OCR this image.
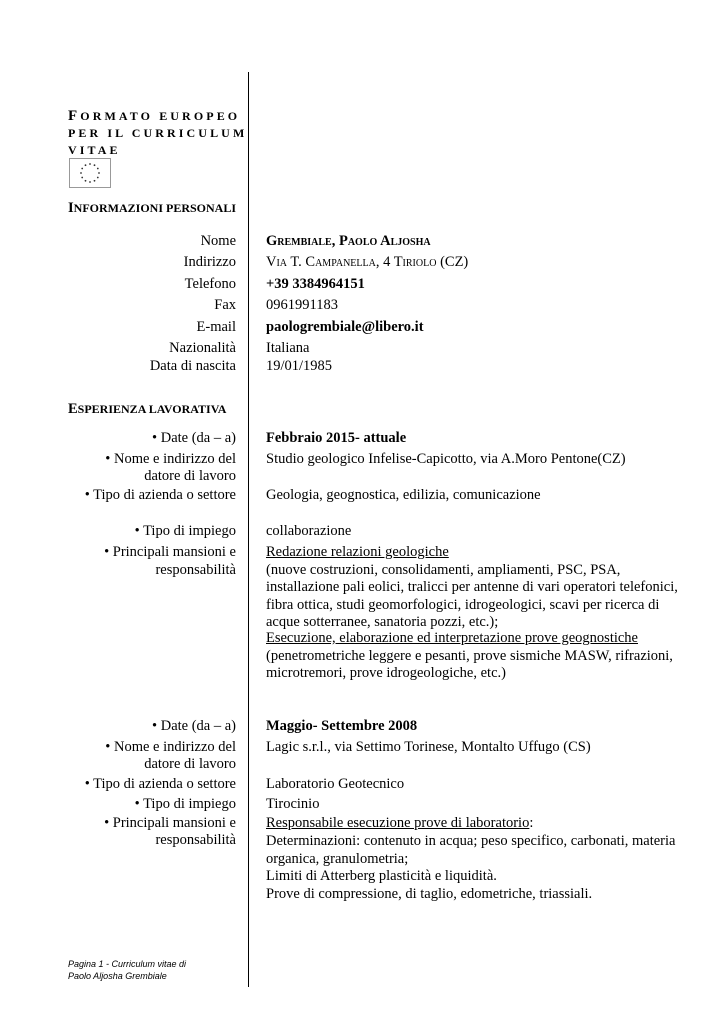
FORMATO EUROPEO
PER IL CURRICULUM
VITAE
INFORMAZIONI PERSONALI
Nome Grembiale, Paolo Aljosha
Indirizzo Via T. Campanella, 4 Tiriolo (CZ)
Telefono +39 3384964151
Fax 0961991183
E-mail paologrembiale@libero.it
Nazionalità Italiana
Data di nascita 19/01/1985
ESPERIENZA LAVORATIVA
• Date (da – a) Febbraio 2015- attuale
• Nome e indirizzo del
datore di lavoro
Studio geologico Infelise-Capicotto, via A.Moro Pentone(CZ)
• Tipo di azienda o settore Geologia, geognostica, edilizia, comunicazione
• Tipo di impiego collaborazione
• Principali mansioni e
responsabilità
Redazione relazioni geologiche
(nuove costruzioni, consolidamenti, ampliamenti, PSC, PSA,
installazione pali eolici, tralicci per antenne di vari operatori telefonici,
fibra ottica, studi geomorfologici, idrogeologici, scavi per ricerca di
acque sotterranee, sanatoria pozzi, etc.);
Esecuzione, elaborazione ed interpretazione prove geognostiche
(penetrometriche leggere e pesanti, prove sismiche MASW, rifrazioni,
microtremori, prove idrogeologiche, etc.)
• Date (da – a) Maggio- Settembre 2008
• Nome e indirizzo del
datore di lavoro
Lagic s.r.l., via Settimo Torinese, Montalto Uffugo (CS)
• Tipo di azienda o settore Laboratorio Geotecnico
• Tipo di impiego Tirocinio
• Principali mansioni e
responsabilità
Responsabile esecuzione prove di laboratorio:
Determinazioni: contenuto in acqua; peso specifico, carbonati, materia
organica, granulometria;
Limiti di Atterberg plasticità e liquidità.
Prove di compressione, di taglio, edometriche, triassiali.
Pagina 1 - Curriculum vitae di
Paolo Aljosha Grembiale
